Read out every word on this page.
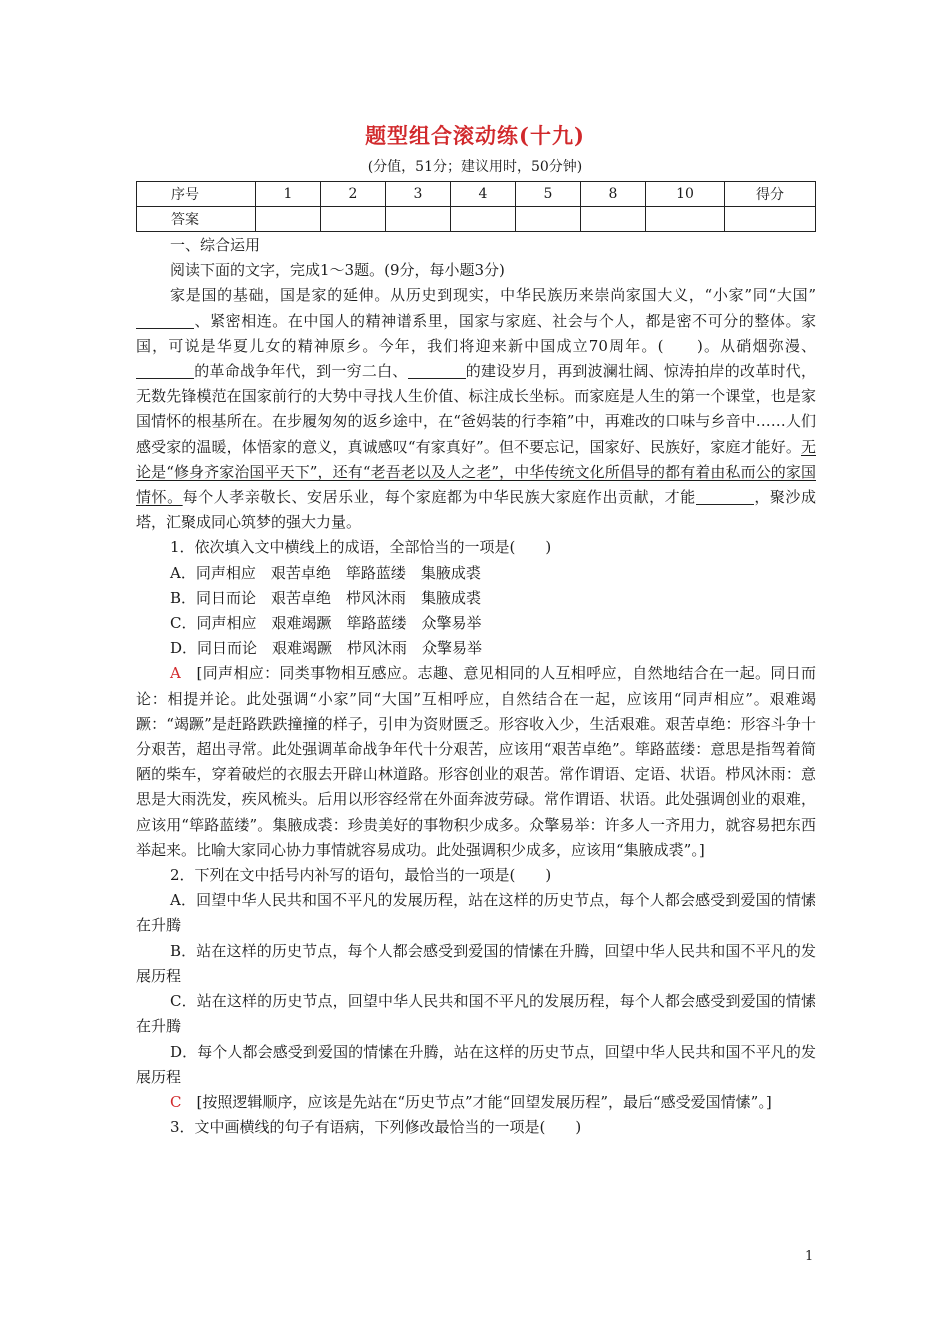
题型组合滚动练(十九)
(分值，51分；建议用时，50分钟)
序号	1	2	3	4	5	8	10	得分
答案								

一、综合运用

阅读下面的文字，完成1～3题。(9分，每小题3分)

家是国的基础，国是家的延伸。从历史到现实，中华民族历来崇尚家国大义，“小家”同“大国”、紧密相连。在中国人的精神谱系里，国家与家庭、社会与个人，都是密不可分的整体。家国，可说是华夏儿女的精神原乡。今年，我们将迎来新中国成立70周年。(　　)。从硝烟弥漫、的革命战争年代，到一穷二白、	的建设岁月，再到波澜壮阔、惊涛拍岸的改革时代，无数先锋模范在国家前行的大势中寻找人生价值、标注成长坐标。而家庭是人生的第一个课堂，也是家国情怀的根基所在。在步履匆匆的返乡途中，在“爸妈装的行李箱”中，再难改的口味与乡音中……人们感受家的温暖，体悟家的意义，真诚感叹“有家真好”。但不要忘记，国家好、民族好，家庭才能好。无论是“修身齐家治国平天下”，还有“老吾老以及人之老”，中华传统文化所倡导的都有着由私而公的家国情怀。每个人孝亲敬长、安居乐业，每个家庭都为中华民族大家庭作出贡献，才能	，聚沙成塔，汇聚成同心筑梦的强大力量。

1．依次填入文中横线上的成语，全部恰当的一项是(　　)

A．同声相应　艰苦卓绝　筚路蓝缕　集腋成裘

B．同日而论　艰苦卓绝　栉风沐雨　集腋成裘

C．同声相应　艰难竭蹶　筚路蓝缕　众擎易举

D．同日而论　艰难竭蹶　栉风沐雨　众擎易举

A　[同声相应：同类事物相互感应。志趣、意见相同的人互相呼应，自然地结合在一起。同日而论：相提并论。此处强调“小家”同“大国”互相呼应，自然结合在一起，应该用“同声相应”。艰难竭蹶：“竭蹶”是赶路跌跌撞撞的样子，引申为资财匮乏。形容收入少，生活艰难。艰苦卓绝：形容斗争十分艰苦，超出寻常。此处强调革命战争年代十分艰苦，应该用“艰苦卓绝”。筚路蓝缕：意思是指驾着简陋的柴车，穿着破烂的衣服去开辟山林道路。形容创业的艰苦。常作谓语、定语、状语。栉风沐雨：意思是大雨洗发，疾风梳头。后用以形容经常在外面奔波劳碌。常作谓语、状语。此处强调创业的艰难，应该用“筚路蓝缕”。集腋成裘：珍贵美好的事物积少成多。众擎易举：许多人一齐用力，就容易把东西举起来。比喻大家同心协力事情就容易成功。此处强调积少成多，应该用“集腋成裘”。]

2．下列在文中括号内补写的语句，最恰当的一项是(　　)

A．回望中华人民共和国不平凡的发展历程，站在这样的历史节点，每个人都会感受到爱国的情愫在升腾

B．站在这样的历史节点，每个人都会感受到爱国的情愫在升腾，回望中华人民共和国不平凡的发展历程

C．站在这样的历史节点，回望中华人民共和国不平凡的发展历程，每个人都会感受到爱国的情愫在升腾

D．每个人都会感受到爱国的情愫在升腾，站在这样的历史节点，回望中华人民共和国不平凡的发展历程

C　[按照逻辑顺序，应该是先站在“历史节点”才能“回望发展历程”，最后“感受爱国情愫”。]

3．文中画横线的句子有语病，下列修改最恰当的一项是(　　)

1
